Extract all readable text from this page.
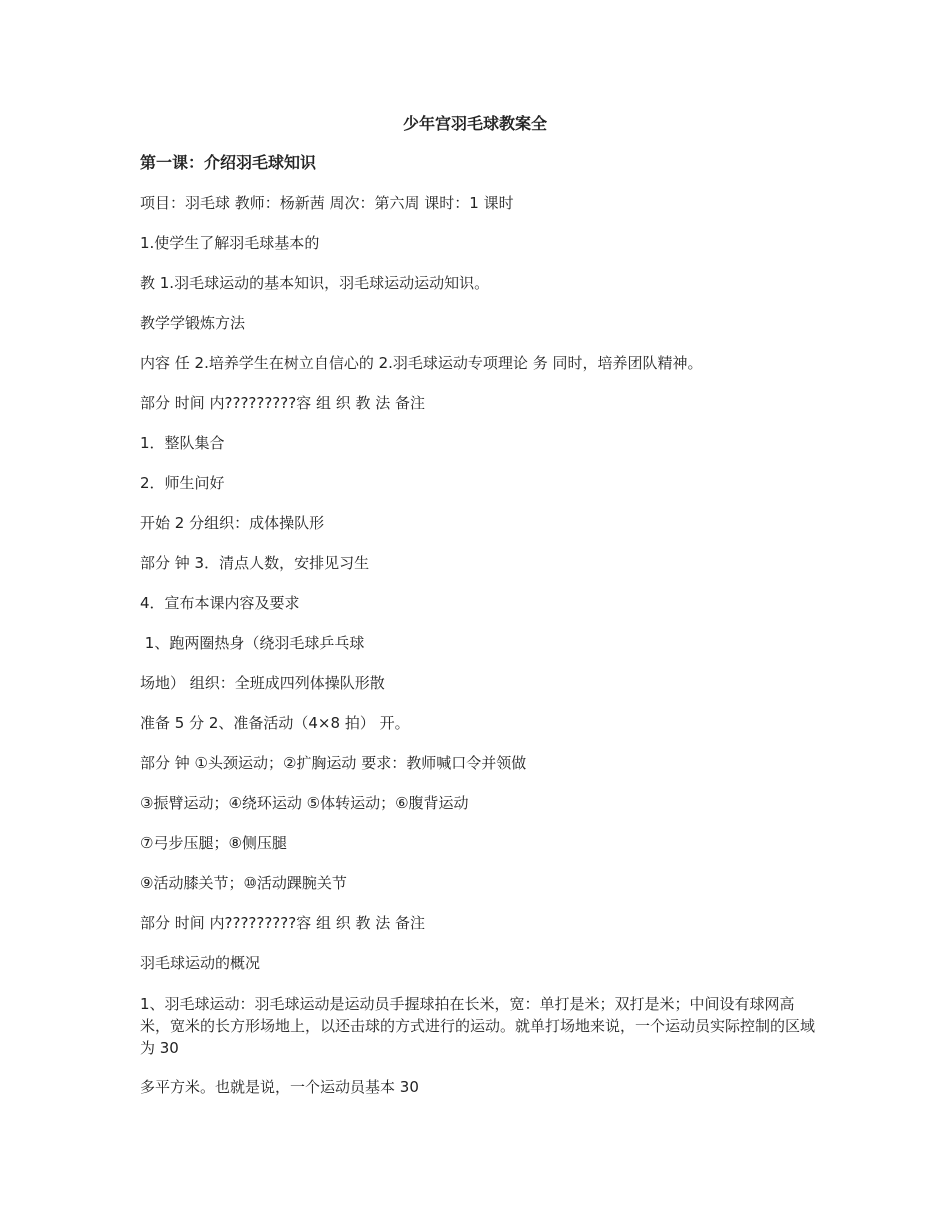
少年宫羽毛球教案全

第一课：介绍羽毛球知识

项目：羽毛球 教师：杨新茜 周次：第六周 课时：1 课时

1.使学生了解羽毛球基本的

教 1.羽毛球运动的基本知识，羽毛球运动运动知识。

教学学锻炼方法

内容 任 2.培养学生在树立自信心的 2.羽毛球运动专项理论 务 同时，培养团队精神。

部分 时间 内?????????容 组 织 教 法 备注

1．整队集合

2．师生问好

开始 2 分组织：成体操队形

部分 钟 3．清点人数，安排见习生

4．宣布本课内容及要求

1、跑两圈热身（绕羽毛球乒乓球

场地） 组织：全班成四列体操队形散

准备 5 分 2、准备活动（4×8 拍） 开。

部分 钟 ①头颈运动；②扩胸运动 要求：教师喊口令并领做

③振臂运动；④绕环运动 ⑤体转运动；⑥腹背运动

⑦弓步压腿；⑧侧压腿

⑨活动膝关节；⑩活动踝腕关节

部分 时间 内?????????容 组 织 教 法 备注

羽毛球运动的概况

1、羽毛球运动：羽毛球运动是运动员手握球拍在长米，宽：单打是米；双打是米；中间设有球网高米，宽米的长方形场地上，以还击球的方式进行的运动。就单打场地来说，一个运动员实际控制的区域为 30

多平方米。也就是说，一个运动员基本 30
